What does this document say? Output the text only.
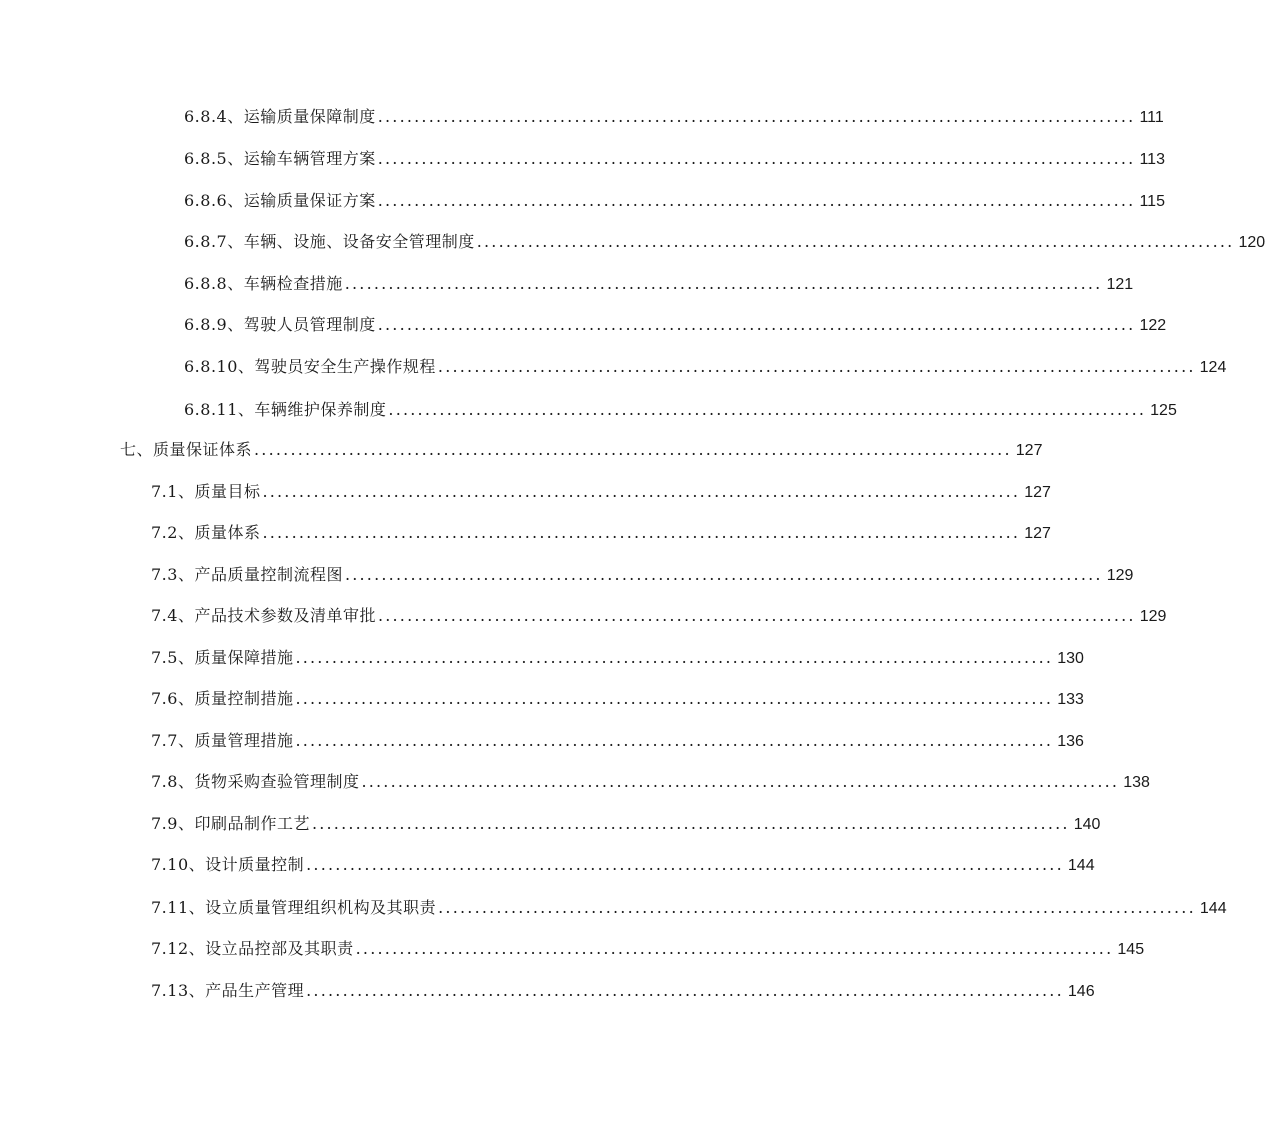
6.8.4、运输质量保障制度 ........................................................................................................ 111
6.8.5、运输车辆管理方案 ........................................................................................................ 113
6.8.6、运输质量保证方案 ........................................................................................................ 115
6.8.7、车辆、设施、设备安全管理制度 ........................................................................................................ 120
6.8.8、车辆检查措施 ........................................................................................................ 121
6.8.9、驾驶人员管理制度 ........................................................................................................ 122
6.8.10、驾驶员安全生产操作规程 ........................................................................................................ 124
6.8.11、车辆维护保养制度 ........................................................................................................ 125
七、质量保证体系 ........................................................................................................ 127
7.1、质量目标 ........................................................................................................ 127
7.2、质量体系 ........................................................................................................ 127
7.3、产品质量控制流程图 ........................................................................................................ 129
7.4、产品技术参数及清单审批 ........................................................................................................ 129
7.5、质量保障措施 ........................................................................................................ 130
7.6、质量控制措施 ........................................................................................................ 133
7.7、质量管理措施 ........................................................................................................ 136
7.8、货物采购查验管理制度 ........................................................................................................ 138
7.9、印刷品制作工艺 ........................................................................................................ 140
7.10、设计质量控制 ........................................................................................................ 144
7.11、设立质量管理组织机构及其职责 ........................................................................................................ 144
7.12、设立品控部及其职责 ........................................................................................................ 145
7.13、产品生产管理 ........................................................................................................ 146
